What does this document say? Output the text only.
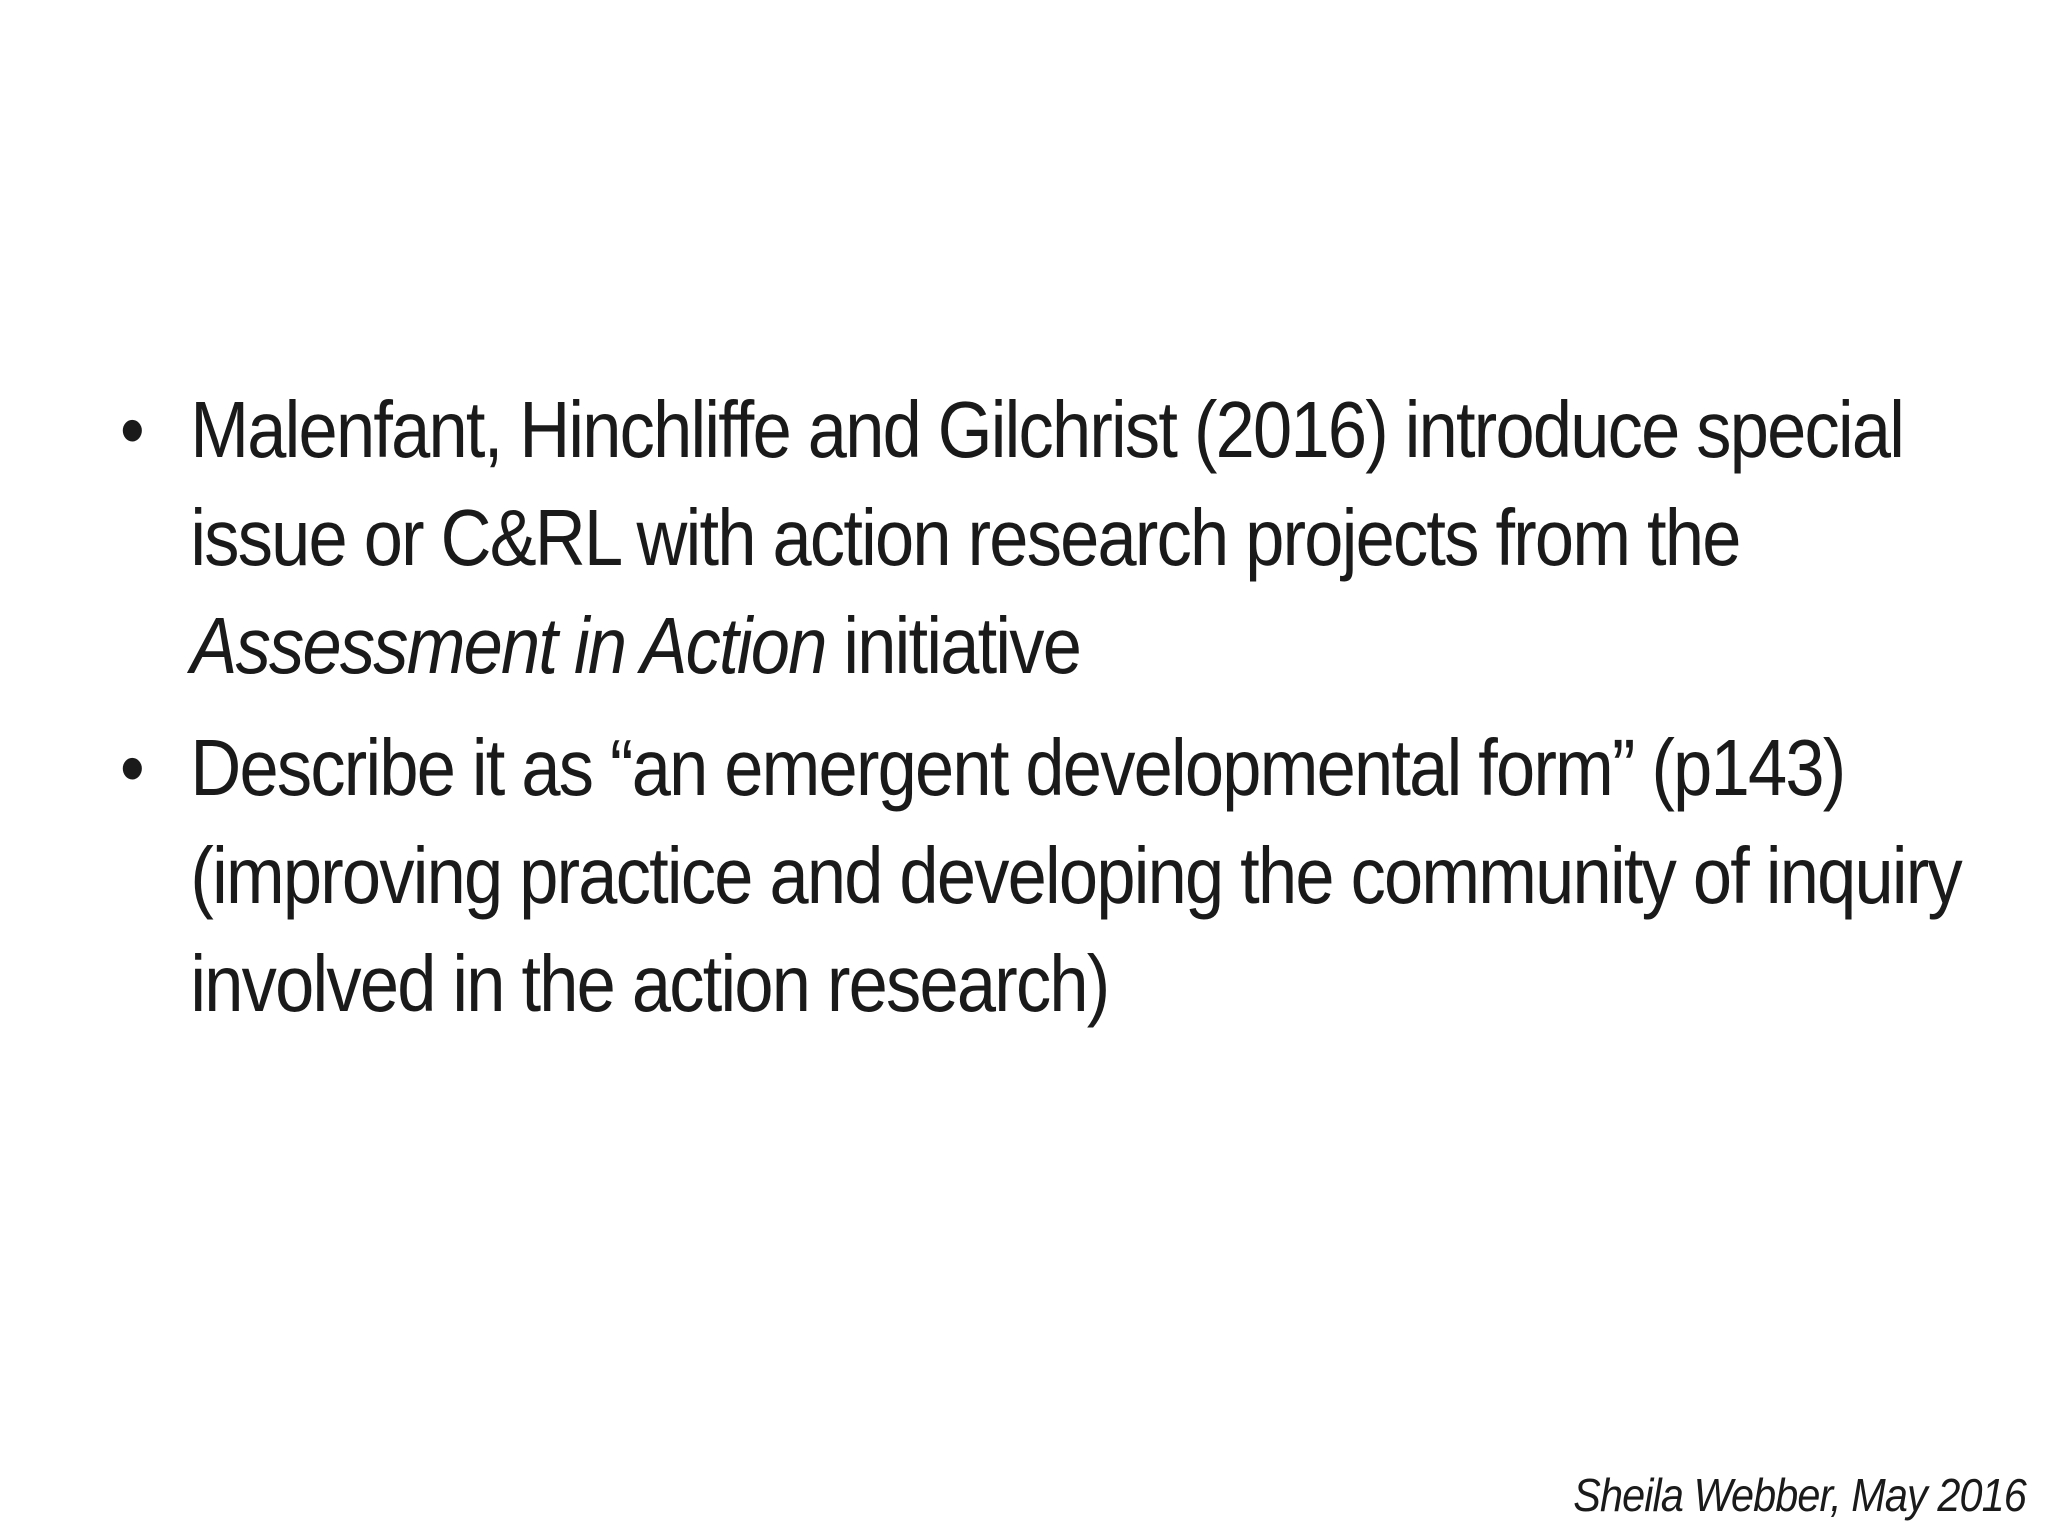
• Malenfant, Hinchliffe and Gilchrist (2016) introduce special issue or C&RL with action research projects from the Assessment in Action initiative
• Describe it as “an emergent developmental form” (p143) (improving practice and developing the community of inquiry involved in the action research)
Sheila Webber, May 2016
